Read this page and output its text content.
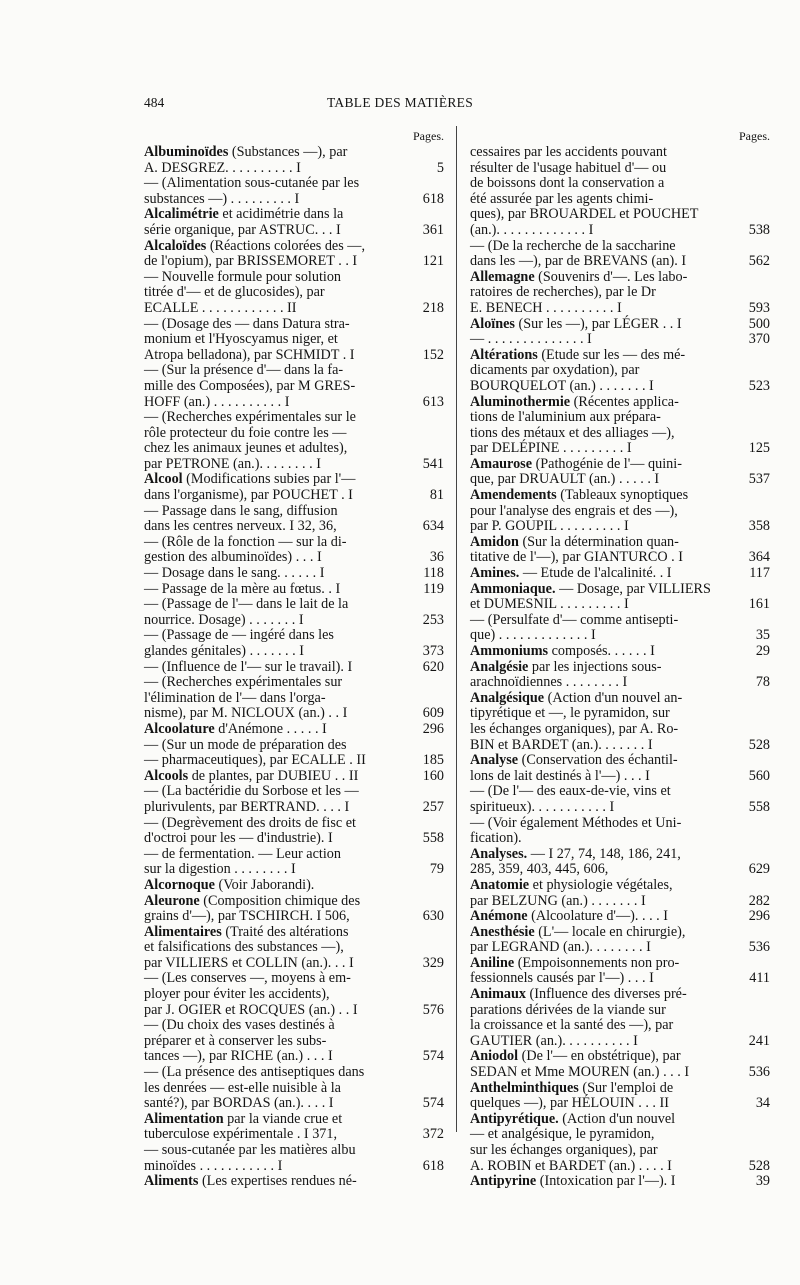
484	TABLE DES MATIÈRES
Pages.
Albuminoïdes (Substances —), par
A. DESGREZ. . . . . . . . . . I	5
— (Alimentation sous-cutanée par les
substances —) . . . . . . . . . I	618
Alcalimétrie et acidimétrie dans la
série organique, par ASTRUC. . . I	361
Alcaloïdes (Réactions colorées des —,
de l'opium), par BRISSEMORET . . I	121
— Nouvelle formule pour solution
titrée d'— et de glucosides), par
ECALLE . . . . . . . . . . . . II	218
— (Dosage des — dans Datura stra-
monium et l'Hyoscyamus niger, et
Atropa belladona), par SCHMIDT . I	152
— (Sur la présence d'— dans la fa-
mille des Composées), par M GRES-
HOFF (an.) . . . . . . . . . . I	613
— (Recherches expérimentales sur le
rôle protecteur du foie contre les —
chez les animaux jeunes et adultes),
par PETRONE (an.). . . . . . . . I	541
Alcool (Modifications subies par l'—
dans l'organisme), par POUCHET . I	81
— Passage dans le sang, diffusion
dans les centres nerveux. I 32, 36,	634
— (Rôle de la fonction — sur la di-
gestion des albuminoïdes) . . . I	36
— Dosage dans le sang. . . . . . I	118
— Passage de la mère au fœtus. . I	119
— (Passage de l'— dans le lait de la
nourrice. Dosage) . . . . . . . I	253
— (Passage de — ingéré dans les
glandes génitales) . . . . . . . I	373
— (Influence de l'— sur le travail). I	620
— (Recherches expérimentales sur
l'élimination de l'— dans l'orga-
nisme), par M. NICLOUX (an.) . . I	609
Alcoolature d'Anémone . . . . . I	296
— (Sur un mode de préparation des
— pharmaceutiques), par ECALLE . II	185
Alcools de plantes, par DUBIEU . . II	160
— (La bactéridie du Sorbose et les —
plurivulents, par BERTRAND. . . . I	257
— (Degrèvement des droits de fisc et
d'octroi pour les — d'industrie). I	558
— de fermentation. — Leur action
sur la digestion . . . . . . . . I	79
Alcornoque (Voir Jaborandi).
Aleurone (Composition chimique des
grains d'—), par TSCHIRCH. I 506,	630
Alimentaires (Traité des altérations
et falsifications des substances —),
par VILLIERS et COLLIN (an.). . . I	329
— (Les conserves —, moyens à em-
ployer pour éviter les accidents),
par J. OGIER et ROCQUES (an.) . . I	576
— (Du choix des vases destinés à
préparer et à conserver les subs-
tances —), par RICHE (an.) . . . I	574
— (La présence des antiseptiques dans
les denrées — est-elle nuisible à la
santé?), par BORDAS (an.). . . . I	574
Alimentation par la viande crue et
tuberculose expérimentale . I 371,	372
— sous-cutanée par les matières albu
minoïdes . . . . . . . . . . . I	618
Aliments (Les expertises rendues né-
Pages.
cessaires par les accidents pouvant
résulter de l'usage habituel d'— ou
de boissons dont la conservation a
été assurée par les agents chimi-
ques), par BROUARDEL et POUCHET
(an.). . . . . . . . . . . . . I	538
— (De la recherche de la saccharine
dans les —), par de BREVANS (an). I	562
Allemagne (Souvenirs d'—. Les labo-
ratoires de recherches), par le Dr
E. BENECH . . . . . . . . . . I	593
Aloïnes (Sur les —), par LÉGER . . I	500
— . . . . . . . . . . . . . . I	370
Altérations (Etude sur les — des mé-
dicaments par oxydation), par
BOURQUELOT (an.) . . . . . . . I	523
Aluminothermie (Récentes applica-
tions de l'aluminium aux prépara-
tions des métaux et des alliages —),
par DELÉPINE . . . . . . . . . I	125
Amaurose (Pathogénie de l'— quini-
que, par DRUAULT (an.) . . . . . I	537
Amendements (Tableaux synoptiques
pour l'analyse des engrais et des —),
par P. GOUPIL . . . . . . . . . I	358
Amidon (Sur la détermination quan-
titative de l'—), par GIANTURCO . I	364
Amines. — Etude de l'alcalinité. . I	117
Ammoniaque. — Dosage, par VILLIERS
et DUMESNIL . . . . . . . . . I	161
— (Persulfate d'— comme antisepti-
que) . . . . . . . . . . . . . I	35
Ammoniums composés. . . . . . I	29
Analgésie par les injections sous-
arachnoïdiennes . . . . . . . . I	78
Analgésique (Action d'un nouvel an-
tipyrétique et —, le pyramidon, sur
les échanges organiques), par A. Ro-
BIN et BARDET (an.). . . . . . . I	528
Analyse (Conservation des échantil-
lons de lait destinés à l'—) . . . I	560
— (De l'— des eaux-de-vie, vins et
spiritueux). . . . . . . . . . . I	558
— (Voir également Méthodes et Uni-
fication).
Analyses. — I 27, 74, 148, 186, 241,
285, 359, 403, 445, 606,	629
Anatomie et physiologie végétales,
par BELZUNG (an.) . . . . . . . I	282
Anémone (Alcoolature d'—). . . . I	296
Anesthésie (L'— locale en chirurgie),
par LEGRAND (an.). . . . . . . . I	536
Aniline (Empoisonnements non pro-
fessionnels causés par l'—) . . . I	411
Animaux (Influence des diverses pré-
parations dérivées de la viande sur
la croissance et la santé des —), par
GAUTIER (an.). . . . . . . . . . I	241
Aniodol (De l'— en obstétrique), par
SEDAN et Mme MOUREN (an.) . . . I	536
Anthelminthiques (Sur l'emploi de
quelques —), par HÉLOUIN . . . II	34
Antipyrétique. (Action d'un nouvel
— et analgésique, le pyramidon,
sur les échanges organiques), par
A. ROBIN et BARDET (an.) . . . . I	528
Antipyrine (Intoxication par l'—). I	39
